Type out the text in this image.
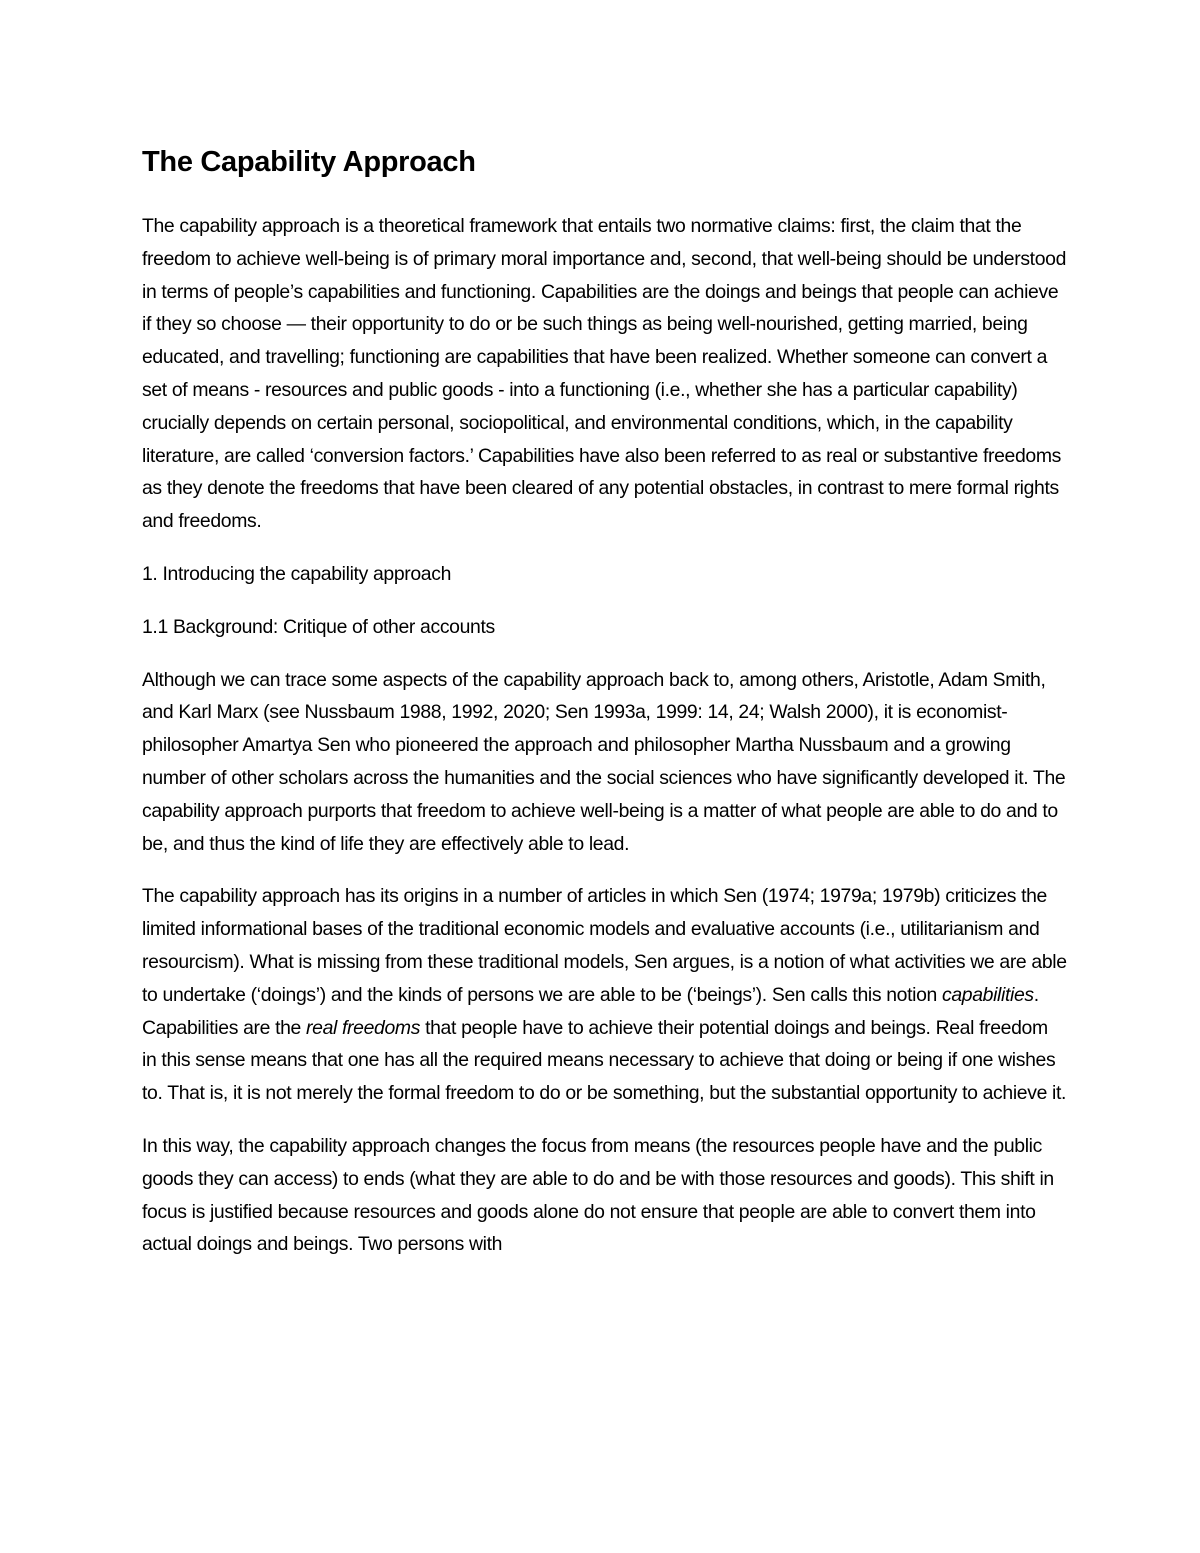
The Capability Approach

The capability approach is a theoretical framework that entails two normative claims: first, the claim that the freedom to achieve well-being is of primary moral importance and, second, that well-being should be understood in terms of people’s capabilities and functioning. Capabilities are the doings and beings that people can achieve if they so choose — their opportunity to do or be such things as being well-nourished, getting married, being educated, and travelling; functioning are capabilities that have been realized. Whether someone can convert a set of means - resources and public goods - into a functioning (i.e., whether she has a particular capability) crucially depends on certain personal, sociopolitical, and environmental conditions, which, in the capability literature, are called ‘conversion factors.’ Capabilities have also been referred to as real or substantive freedoms as they denote the freedoms that have been cleared of any potential obstacles, in contrast to mere formal rights and freedoms.

1. Introducing the capability approach

1.1 Background: Critique of other accounts

Although we can trace some aspects of the capability approach back to, among others, Aristotle, Adam Smith, and Karl Marx (see Nussbaum 1988, 1992, 2020; Sen 1993a, 1999: 14, 24; Walsh 2000), it is economist-philosopher Amartya Sen who pioneered the approach and philosopher Martha Nussbaum and a growing number of other scholars across the humanities and the social sciences who have significantly developed it. The capability approach purports that freedom to achieve well-being is a matter of what people are able to do and to be, and thus the kind of life they are effectively able to lead.

The capability approach has its origins in a number of articles in which Sen (1974; 1979a; 1979b) criticizes the limited informational bases of the traditional economic models and evaluative accounts (i.e., utilitarianism and resourcism). What is missing from these traditional models, Sen argues, is a notion of what activities we are able to undertake (‘doings’) and the kinds of persons we are able to be (‘beings’). Sen calls this notion capabilities. Capabilities are the real freedoms that people have to achieve their potential doings and beings. Real freedom in this sense means that one has all the required means necessary to achieve that doing or being if one wishes to. That is, it is not merely the formal freedom to do or be something, but the substantial opportunity to achieve it.

In this way, the capability approach changes the focus from means (the resources people have and the public goods they can access) to ends (what they are able to do and be with those resources and goods). This shift in focus is justified because resources and goods alone do not ensure that people are able to convert them into actual doings and beings. Two persons with
